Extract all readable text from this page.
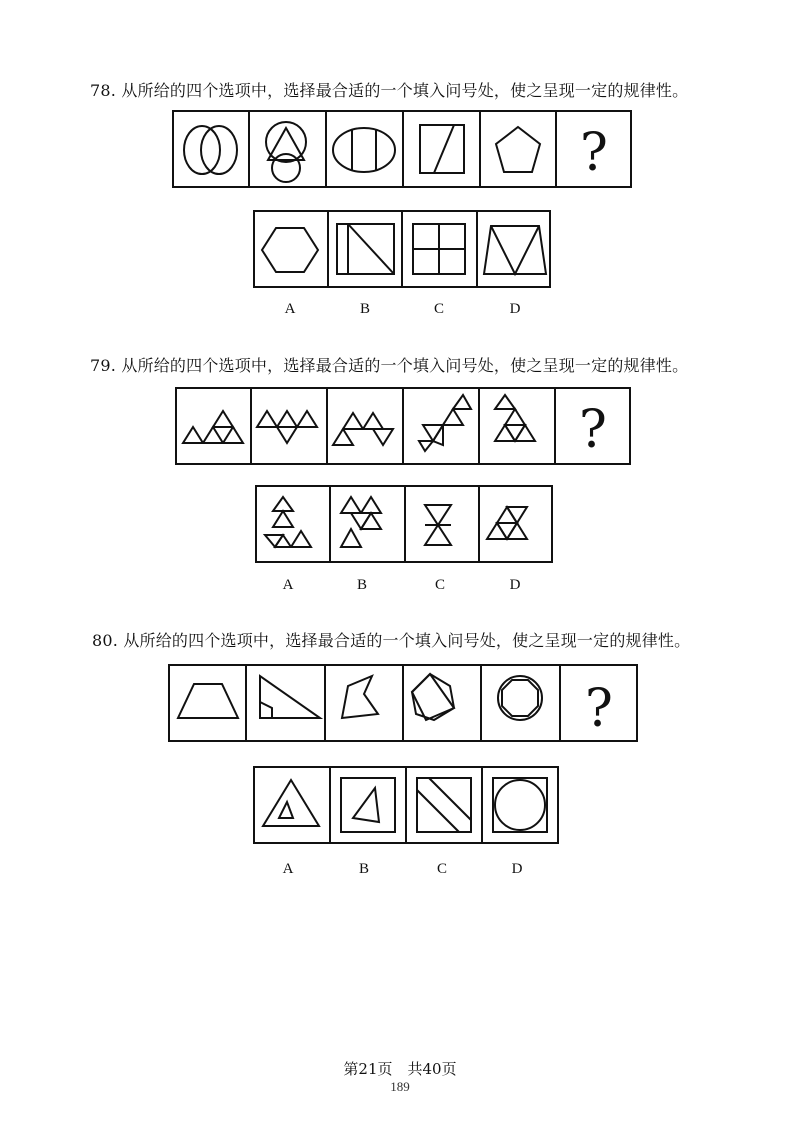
78. 从所给的四个选项中，选择最合适的一个填入问号处，使之呈现一定的规律性。
?
A	B	C	D
79. 从所给的四个选项中，选择最合适的一个填入问号处，使之呈现一定的规律性。
?
A	B	C	D
80. 从所给的四个选项中，选择最合适的一个填入问号处，使之呈现一定的规律性。
?
A	B	C	D
第21页　共40页
189
